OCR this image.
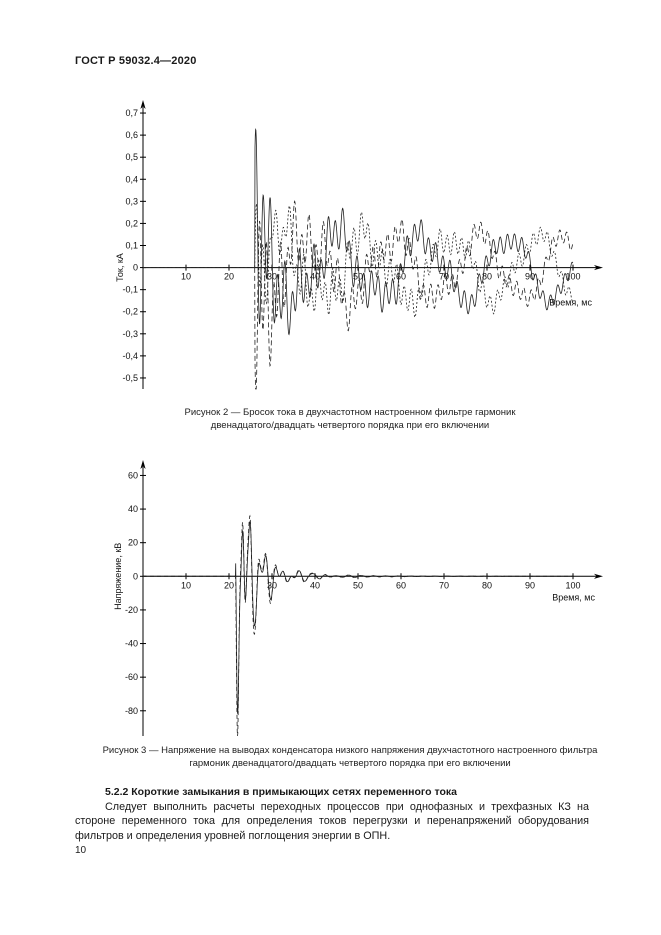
ГОСТ Р 59032.4—2020
10	20	30	40	50	60	70	80	90	100
0,7
0,6
0,5
0,4
0,3
0,2
0,1
0
-0,1
-0,2
-0,3
-0,4
-0,5
Время, мс
Ток, кА
Рисунок 2 — Бросок тока в двухчастотном настроенном фильтре гармоник
двенадцатого/двадцать четвертого порядка при его включении
10	20	30	40	50	60	70	80	90	100
60
40
20
0
-20
-40
-60
-80
Время, мс
Напряжение, кВ
Рисунок 3 — Напряжение на выводах конденсатора низкого напряжения двухчастотного настроенного фильтра
гармоник двенадцатого/двадцать четвертого порядка при его включении
5.2.2 Короткие замыкания в примыкающих сетях переменного тока

Следует выполнить расчеты переходных процессов при однофазных и трехфазных КЗ на стороне переменного тока для определения токов перегрузки и перенапряжений оборудования фильтров и определения уровней поглощения энергии в ОПН.

10
